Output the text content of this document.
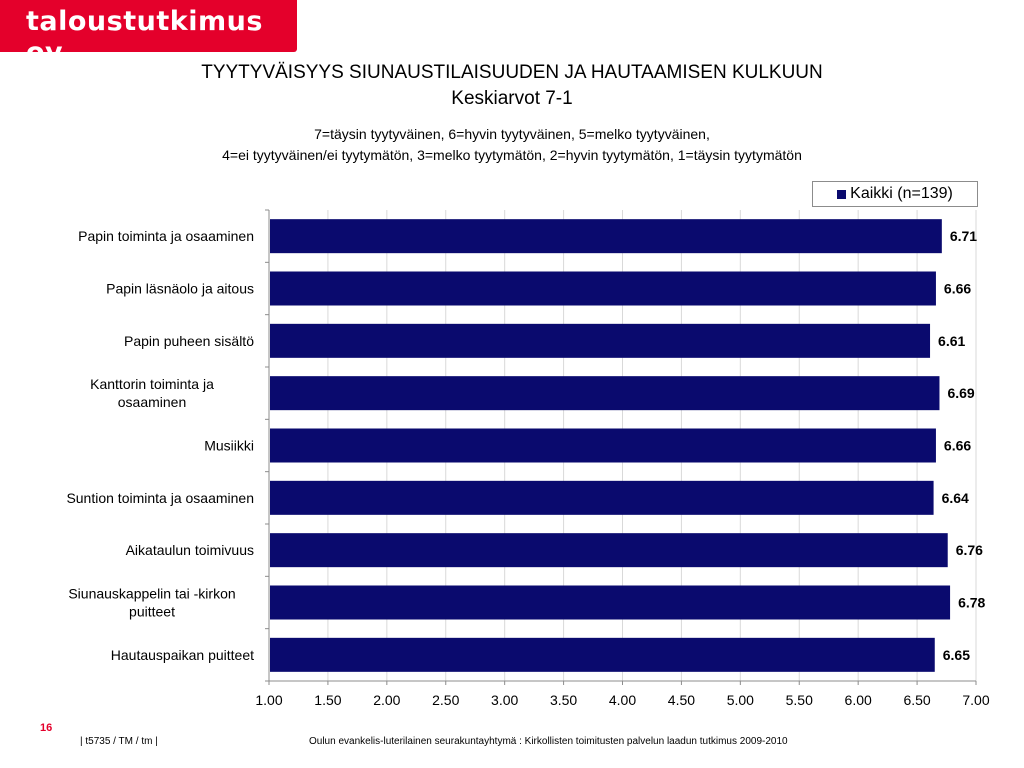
taloustutkimus oy
TYYTYVÄISYYS SIUNAUSTILAISUUDEN JA HAUTAAMISEN KULKUUN
Keskiarvot 7-1
7=täysin tyytyväinen, 6=hyvin tyytyväinen, 5=melko tyytyväinen,
4=ei tyytyväinen/ei tyytymätön, 3=melko tyytymätön, 2=hyvin tyytymätön, 1=täysin tyytymätön
Kaikki (n=139)
1.00 1.50 2.00 2.50 3.00 3.50 4.00 4.50 5.00 5.50 6.00 6.50 7.00
6.71
Papin toiminta ja osaaminen
6.66
Papin läsnäolo ja aitous
6.61
Papin puheen sisältö
6.69
Kanttorin toiminta ja
osaaminen
6.66
Musiikki
6.64
Suntion toiminta ja osaaminen
6.76
Aikataulun toimivuus
6.78
Siunauskappelin tai -kirkon
puitteet
6.65
Hautauspaikan puitteet
16
| t5735 / TM / tm |	Oulun evankelis-luterilainen seurakuntayhtymä : Kirkollisten toimitusten palvelun laadun tutkimus 2009-2010
